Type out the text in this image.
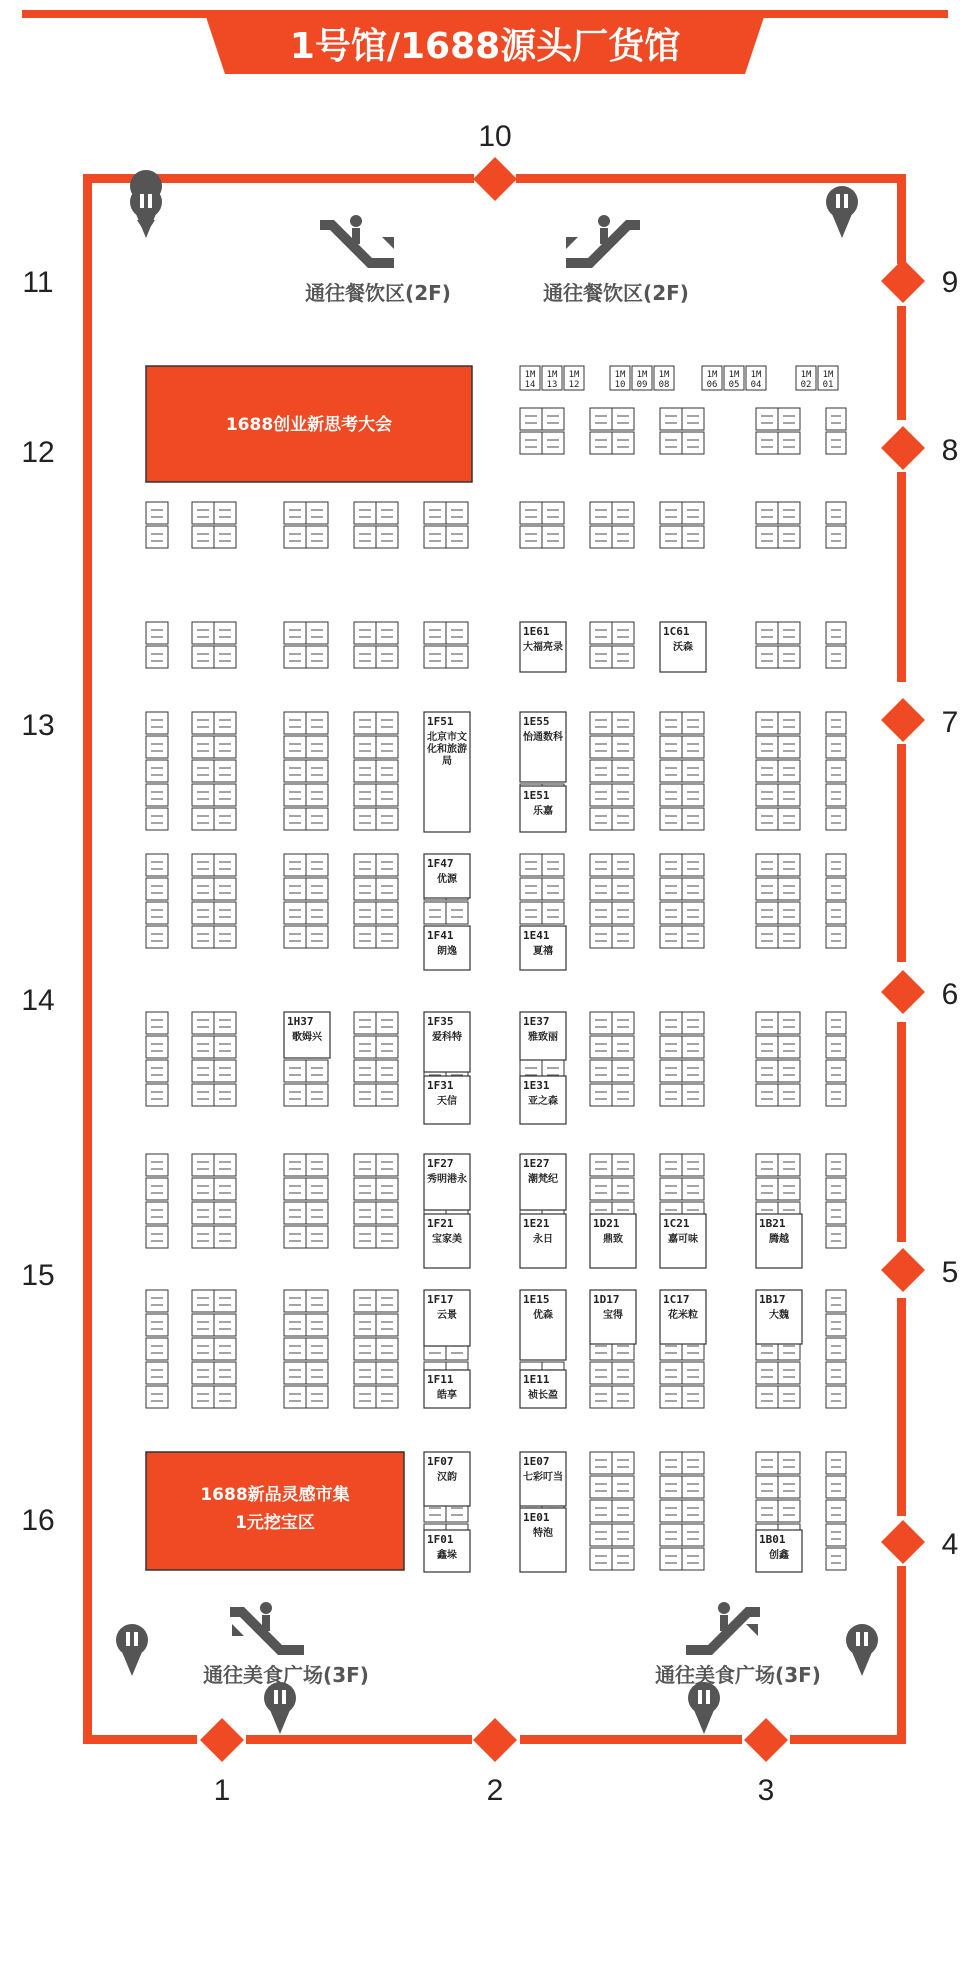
1号馆/1688源头厂货馆
10
11
12
13
14
15
16
9
8
7
6
5
4
1	2	3
通往餐饮区(2F)	通往餐饮区(2F)
通往美食广场(3F)	通往美食广场(3F)
1688创业新思考大会
1688新品灵感市集
1元挖宝区
1M
14
1M
13
1M
12
1M
10
1M
09
1M
08
1M
06
1M
05
1M
04
1M
02
1M
01
1E61
大福亮录
1C61
沃森
1F51
北京市文
化和旅游
局
1E55
怡通数科
1E51
乐嘉
1F47
优源
1F41
朗逸
1E41
夏禧
1H37
歌姆兴
1F35
爱科特
1F31
天信
1E37
雅致丽
1E31
亚之森
1F27
秀明港永
1F21
宝家美
1E27
潮梵纪
1E21
永日
1D21
鼎致
1C21
嘉可味
1B21
腾越
1F17
云景
1F11
皓享
1E15
优森
1E11
祯长盈
1D17
宝得
1C17
花米粒
1B17
大魏
1F07
汉韵
1F01
鑫垛
1E07
七彩叮当
1E01
特泡	1B01
创鑫
